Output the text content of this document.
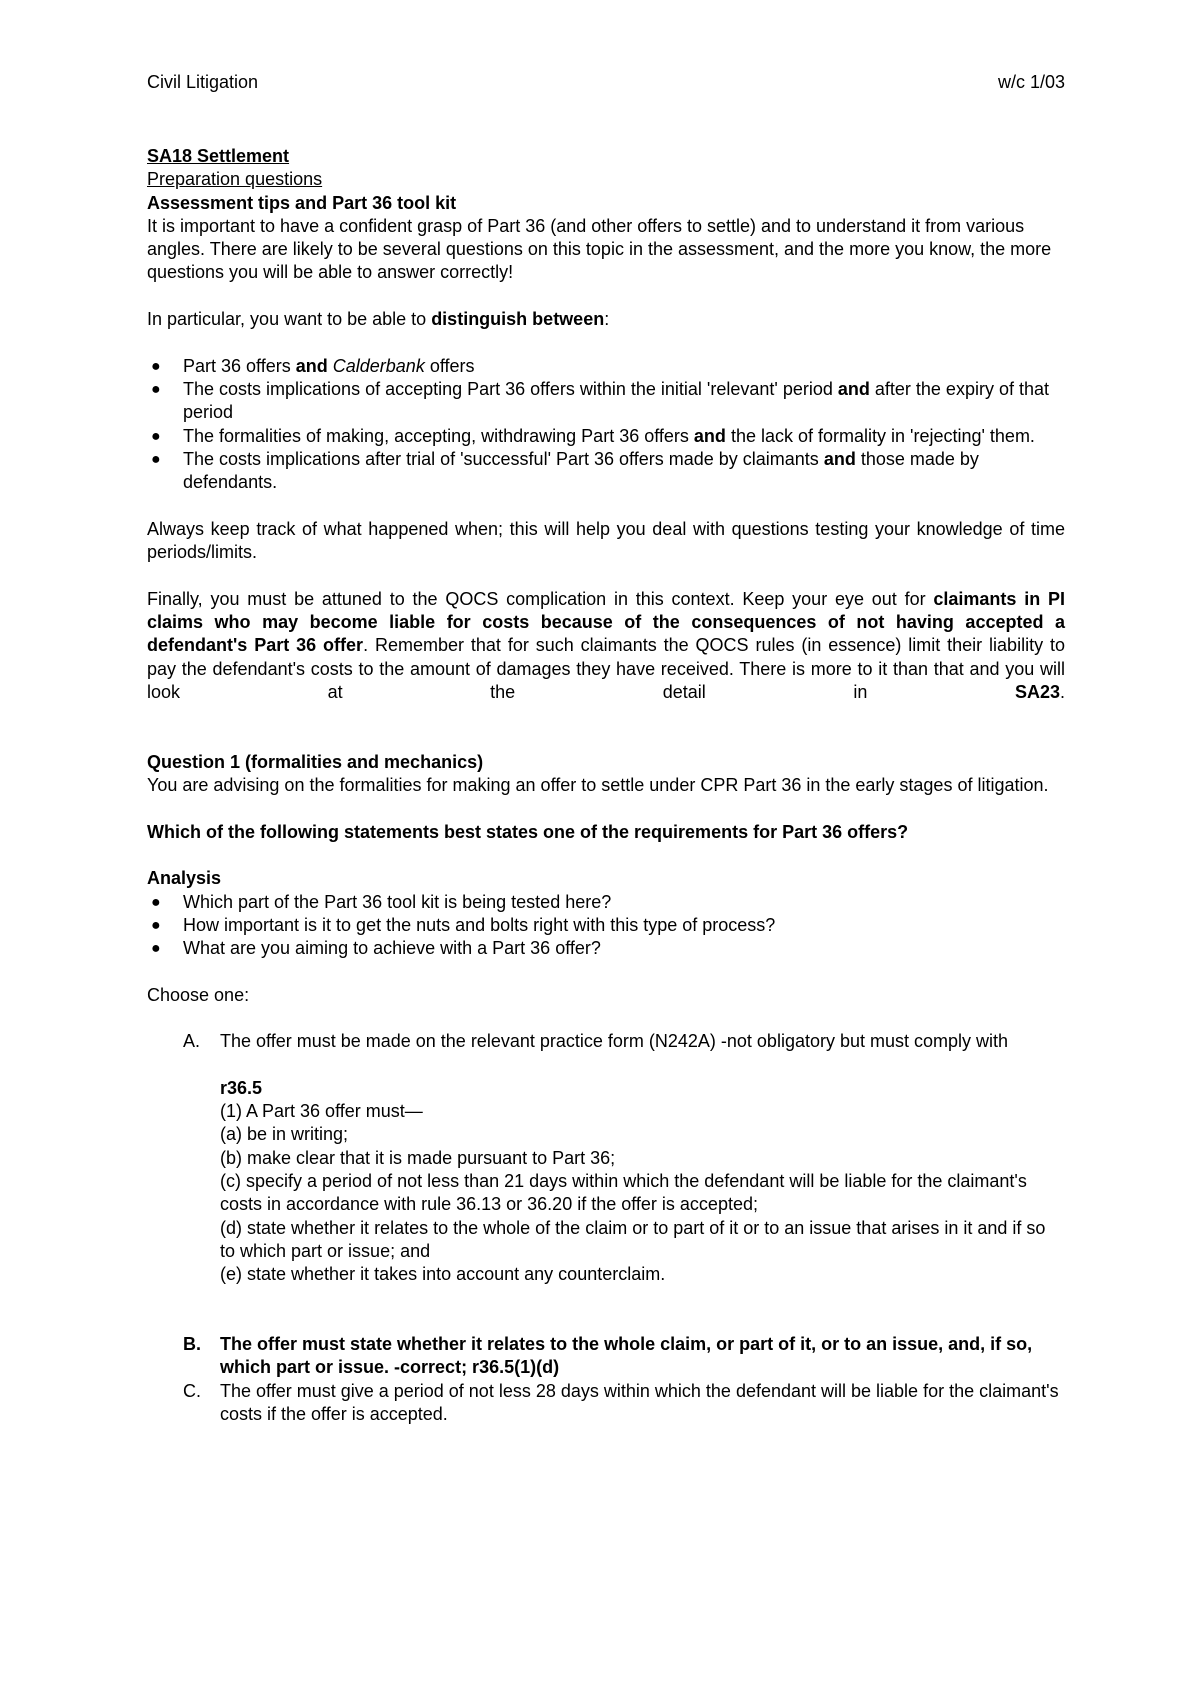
Civil Litigation	w/c 1/03

SA18 Settlement

Preparation questions

Assessment tips and Part 36 tool kit

It is important to have a confident grasp of Part 36 (and other offers to settle) and to understand it from various angles. There are likely to be several questions on this topic in the assessment, and the more you know, the more questions you will be able to answer correctly!

In particular, you want to be able to distinguish between:

● Part 36 offers and Calderbank offers
● The costs implications of accepting Part 36 offers within the initial 'relevant' period and after the expiry of that period
● The formalities of making, accepting, withdrawing Part 36 offers and the lack of formality in 'rejecting' them.
● The costs implications after trial of 'successful' Part 36 offers made by claimants and those made by defendants.

Always keep track of what happened when; this will help you deal with questions testing your knowledge of time periods/limits.

Finally, you must be attuned to the QOCS complication in this context. Keep your eye out for claimants in PI claims who may become liable for costs because of the consequences of not having accepted a defendant's Part 36 offer. Remember that for such claimants the QOCS rules (in essence) limit their liability to pay the defendant's costs to the amount of damages they have received. There is more to it than that and you will look at the detail in SA23.

Question 1 (formalities and mechanics)

You are advising on the formalities for making an offer to settle under CPR Part 36 in the early stages of litigation.

Which of the following statements best states one of the requirements for Part 36 offers?

Analysis

● Which part of the Part 36 tool kit is being tested here?
● How important is it to get the nuts and bolts right with this type of process?
● What are you aiming to achieve with a Part 36 offer?

Choose one:

A. The offer must be made on the relevant practice form (N242A) -not obligatory but must comply with

r36.5

(1) A Part 36 offer must—

(a) be in writing;

(b) make clear that it is made pursuant to Part 36;

(c) specify a period of not less than 21 days within which the defendant will be liable for the claimant's costs in accordance with rule 36.13 or 36.20 if the offer is accepted;

(d) state whether it relates to the whole of the claim or to part of it or to an issue that arises in it and if so to which part or issue; and

(e) state whether it takes into account any counterclaim.

B. The offer must state whether it relates to the whole claim, or part of it, or to an issue, and, if so, which part or issue. -correct; r36.5(1)(d)
C. The offer must give a period of not less 28 days within which the defendant will be liable for the claimant's costs if the offer is accepted.
